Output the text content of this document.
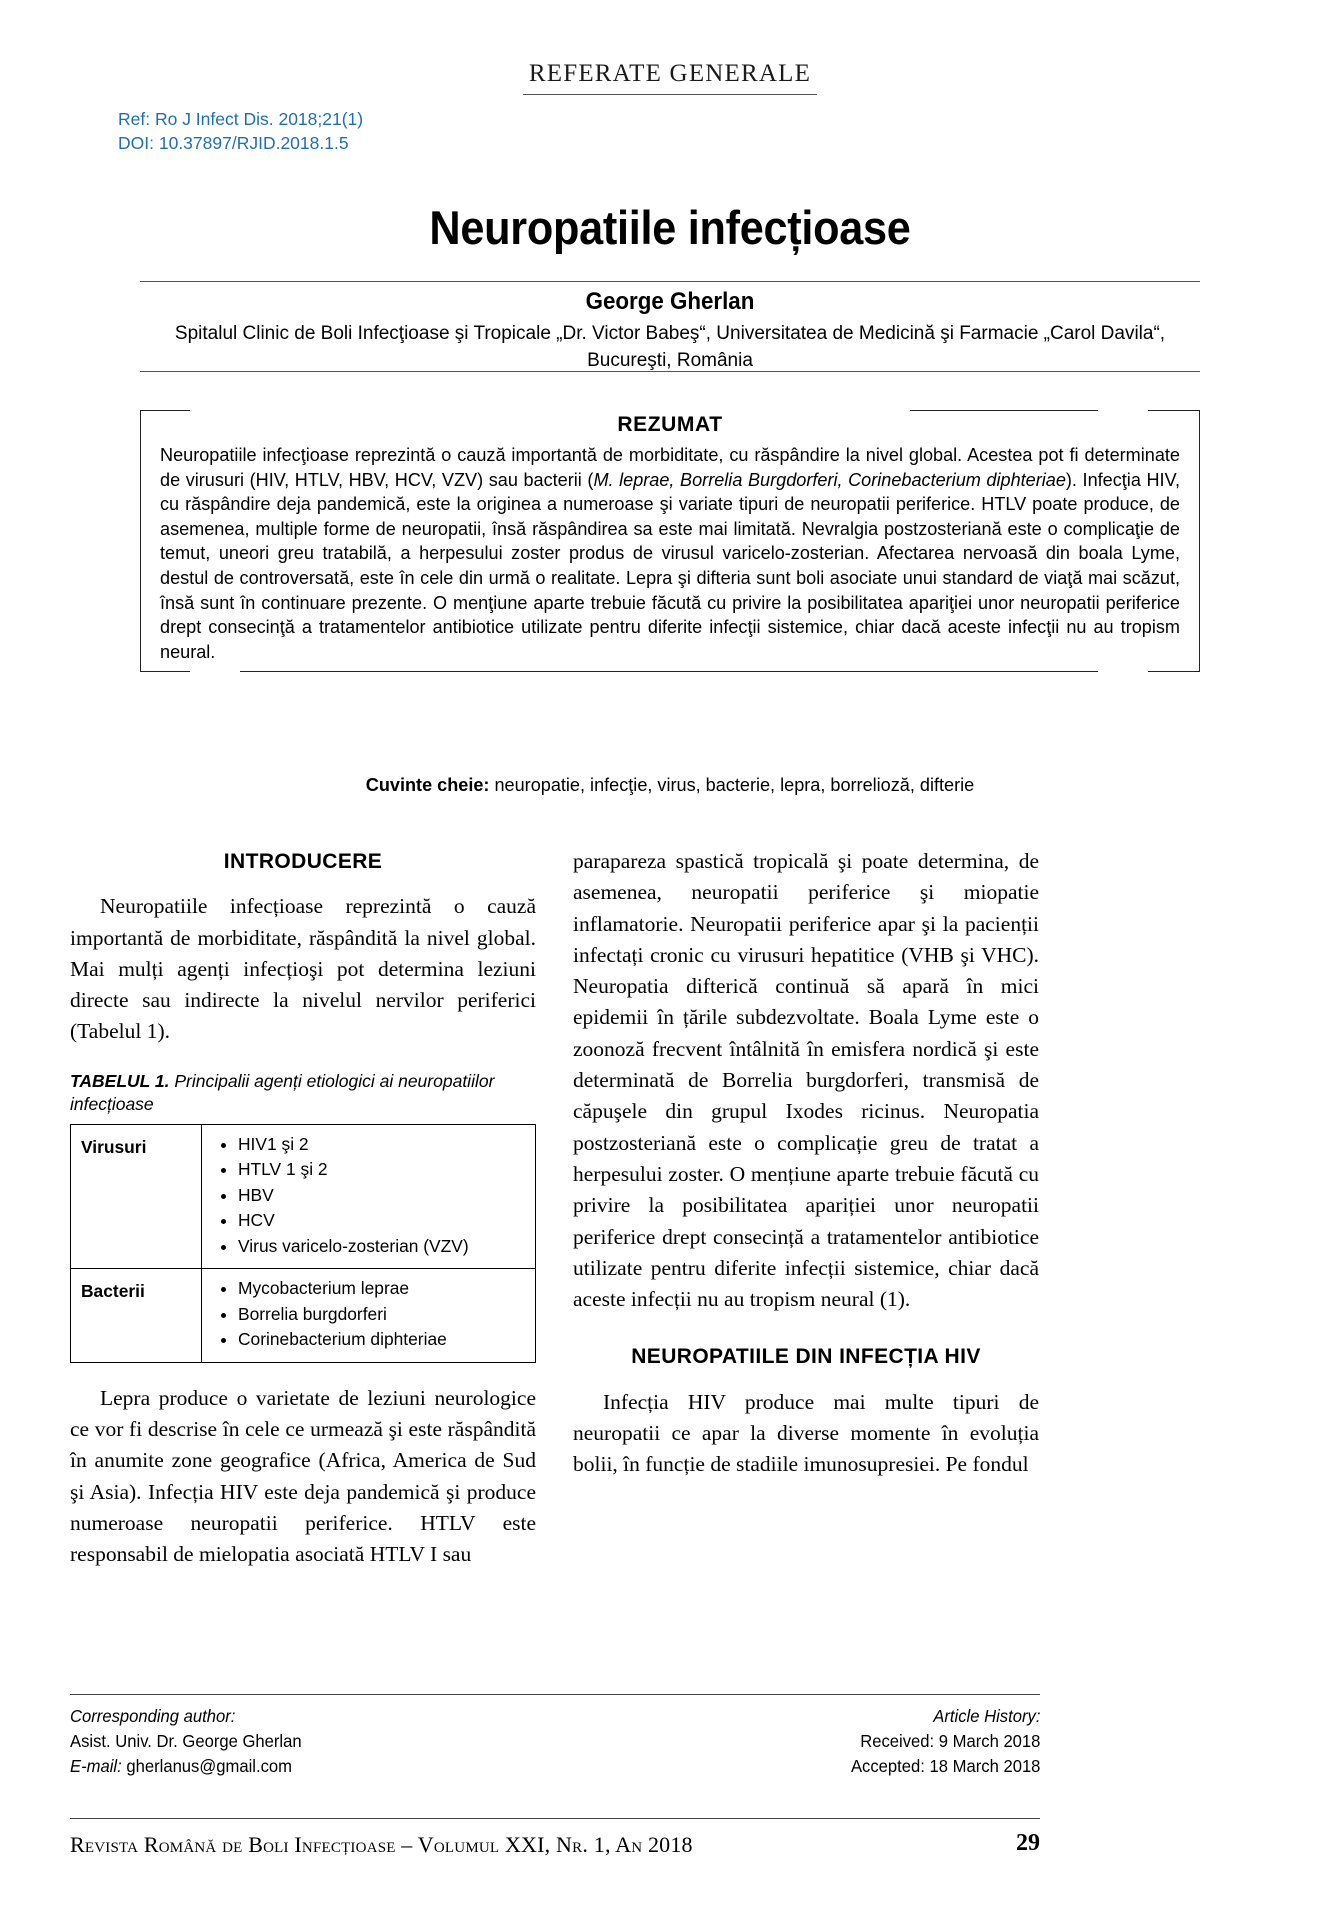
REFERATE GENERALE
Ref: Ro J Infect Dis. 2018;21(1)
DOI: 10.37897/RJID.2018.1.5
Neuropatiile infecțioase
George Gherlan
Spitalul Clinic de Boli Infecţioase şi Tropicale „Dr. Victor Babeş“, Universitatea de Medicină şi Farmacie „Carol Davila“, Bucureşti, România
REZUMAT
Neuropatiile infecţioase reprezintă o cauză importantă de morbiditate, cu răspândire la nivel global. Acestea pot fi determinate de virusuri (HIV, HTLV, HBV, HCV, VZV) sau bacterii (M. leprae, Borrelia Burgdorferi, Corinebacterium diphteriae). Infecţia HIV, cu răspândire deja pandemică, este la originea a numeroase şi variate tipuri de neuropatii periferice. HTLV poate produce, de asemenea, multiple forme de neuropatii, însă răspândirea sa este mai limitată. Nevralgia postzosteriană este o complicaţie de temut, uneori greu tratabilă, a herpesului zoster produs de virusul varicelo-zosterian. Afectarea nervoasă din boala Lyme, destul de controversată, este în cele din urmă o realitate. Lepra şi difteria sunt boli asociate unui standard de viaţă mai scăzut, însă sunt în continuare prezente. O menţiune aparte trebuie făcută cu privire la posibilitatea apariţiei unor neuropatii periferice drept consecinţă a tratamentelor antibiotice utilizate pentru diferite infecţii sistemice, chiar dacă aceste infecţii nu au tropism neural.
Cuvinte cheie: neuropatie, infecţie, virus, bacterie, lepra, borrelioză, difterie
INTRODUCERE

Neuropatiile infecțioase reprezintă o cauză importantă de morbiditate, răspândită la nivel global. Mai mulți agenți infecțioşi pot determina leziuni directe sau indirecte la nivelul nervilor periferici (Tabelul 1).

TABELUL 1. Principalii agenți etiologici ai neuropatiilor infecțioase
Virusuri	
•HIV1 şi 2
• HTLV 1 şi 2
• HBV
• HCV
• Virus varicelo-zosterian (VZV)

Bacterii	
•Mycobacterium leprae
• Borrelia burgdorferi
• Corinebacterium diphteriae

Lepra produce o varietate de leziuni neurologice ce vor fi descrise în cele ce urmează şi este răspândită în anumite zone geografice (Africa, America de Sud şi Asia). Infecția HIV este deja pandemică şi produce numeroase neuropatii periferice. HTLV este responsabil de mielopatia asociată HTLV I sau

parapareza spastică tropicală şi poate determina, de asemenea, neuropatii periferice şi miopatie inflamatorie. Neuropatii periferice apar şi la pacienții infectați cronic cu virusuri hepatitice (VHB şi VHC). Neuropatia difterică continuă să apară în mici epidemii în țările subdezvoltate. Boala Lyme este o zoonoză frecvent întâlnită în emisfera nordică şi este determinată de Borrelia burgdorferi, transmisă de căpuşele din grupul Ixodes ricinus. Neuropatia postzosteriană este o complicație greu de tratat a herpesului zoster. O mențiune aparte trebuie făcută cu privire la posibilitatea apariției unor neuropatii periferice drept consecință a tratamentelor antibiotice utilizate pentru diferite infecții sistemice, chiar dacă aceste infecții nu au tropism neural (1).

NEUROPATIILE DIN INFECȚIA HIV

Infecția HIV produce mai multe tipuri de neuropatii ce apar la diverse momente în evoluția bolii, în funcție de stadiile imunosupresiei. Pe fondul

Corresponding author:
Asist. Univ. Dr. George Gherlan
E-mail: gherlanus@gmail.com
Article History:
Received: 9 March 2018
Accepted: 18 March 2018
Revista Română de Boli Infecțioase – Volumul XXI, Nr. 1, An 2018	29
